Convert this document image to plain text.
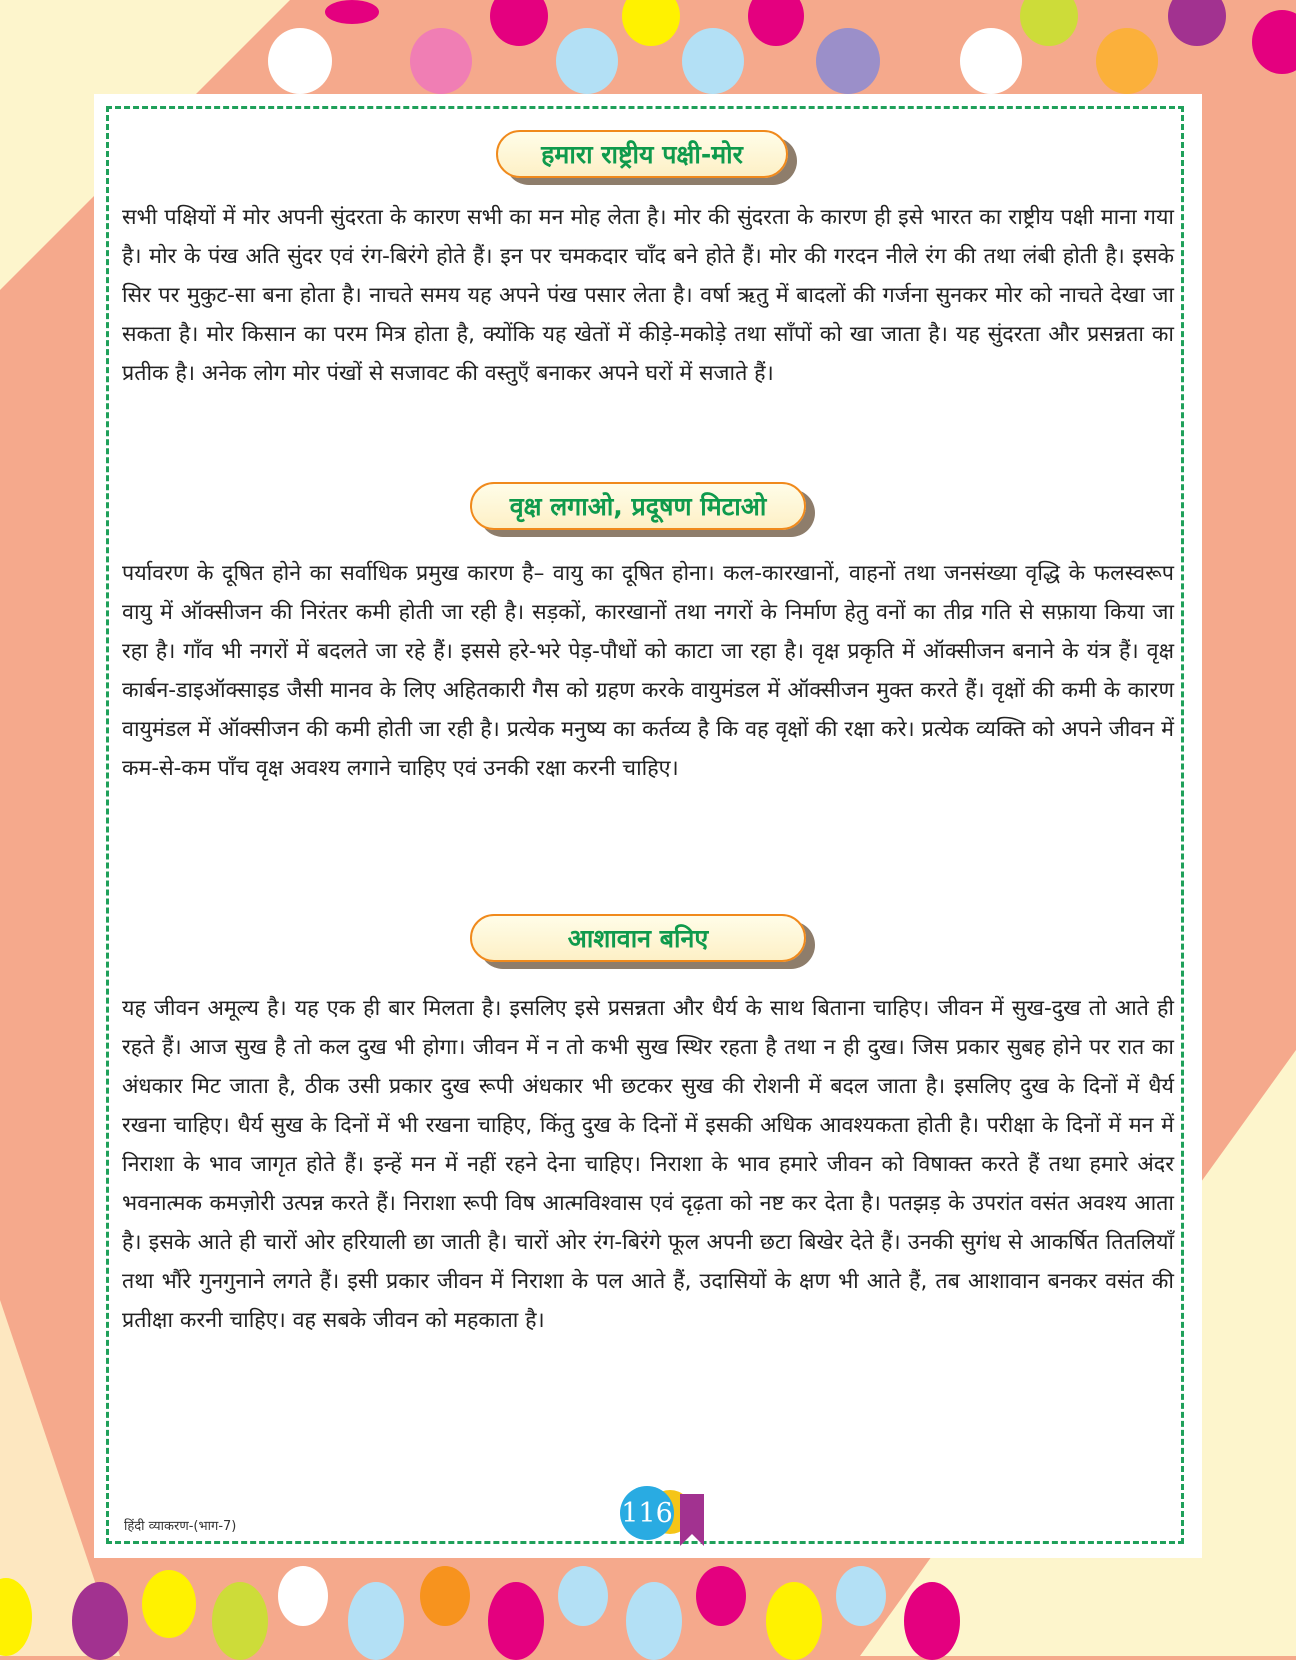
हमारा राष्ट्रीय पक्षी-मोर

सभी पक्षियों में मोर अपनी सुंदरता के कारण सभी का मन मोह लेता है। मोर की सुंदरता के कारण ही इसे भारत का राष्ट्रीय पक्षी माना गया है। मोर के पंख अति सुंदर एवं रंग-बिरंगे होते हैं। इन पर चमकदार चाँद बने होते हैं। मोर की गरदन नीले रंग की तथा लंबी होती है। इसके सिर पर मुकुट-सा बना होता है। नाचते समय यह अपने पंख पसार लेता है। वर्षा ऋतु में बादलों की गर्जना सुनकर मोर को नाचते देखा जा सकता है। मोर किसान का परम मित्र होता है, क्योंकि यह खेतों में कीड़े-मकोड़े तथा साँपों को खा जाता है। यह सुंदरता और प्रसन्नता का प्रतीक है। अनेक लोग मोर पंखों से सजावट की वस्तुएँ बनाकर अपने घरों में सजाते हैं।

वृक्ष लगाओ, प्रदूषण मिटाओ

पर्यावरण के दूषित होने का सर्वाधिक प्रमुख कारण है– वायु का दूषित होना। कल-कारखानों, वाहनों तथा जनसंख्या वृद्धि के फलस्वरूप वायु में ऑक्सीजन की निरंतर कमी होती जा रही है। सड़कों, कारखानों तथा नगरों के निर्माण हेतु वनों का तीव्र गति से सफ़ाया किया जा रहा है। गाँव भी नगरों में बदलते जा रहे हैं। इससे हरे-भरे पेड़-पौधों को काटा जा रहा है। वृक्ष प्रकृति में ऑक्सीजन बनाने के यंत्र हैं। वृक्ष कार्बन-डाइऑक्साइड जैसी मानव के लिए अहितकारी गैस को ग्रहण करके वायुमंडल में ऑक्सीजन मुक्त करते हैं। वृक्षों की कमी के कारण वायुमंडल में ऑक्सीजन की कमी होती जा रही है। प्रत्येक मनुष्य का कर्तव्य है कि वह वृक्षों की रक्षा करे। प्रत्येक व्यक्ति को अपने जीवन में कम-से-कम पाँच वृक्ष अवश्य लगाने चाहिए एवं उनकी रक्षा करनी चाहिए।

आशावान बनिए

यह जीवन अमूल्य है। यह एक ही बार मिलता है। इसलिए इसे प्रसन्नता और धैर्य के साथ बिताना चाहिए। जीवन में सुख-दुख तो आते ही रहते हैं। आज सुख है तो कल दुख भी होगा। जीवन में न तो कभी सुख स्थिर रहता है तथा न ही दुख। जिस प्रकार सुबह होने पर रात का अंधकार मिट जाता है, ठीक उसी प्रकार दुख रूपी अंधकार भी छटकर सुख की रोशनी में बदल जाता है। इसलिए दुख के दिनों में धैर्य रखना चाहिए। धैर्य सुख के दिनों में भी रखना चाहिए, किंतु दुख के दिनों में इसकी अधिक आवश्यकता होती है। परीक्षा के दिनों में मन में निराशा के भाव जागृत होते हैं। इन्हें मन में नहीं रहने देना चाहिए। निराशा के भाव हमारे जीवन को विषाक्त करते हैं तथा हमारे अंदर भवनात्मक कमज़ोरी उत्पन्न करते हैं। निराशा रूपी विष आत्मविश्वास एवं दृढ़ता को नष्ट कर देता है। पतझड़ के उपरांत वसंत अवश्य आता है। इसके आते ही चारों ओर हरियाली छा जाती है। चारों ओर रंग-बिरंगे फूल अपनी छटा बिखेर देते हैं। उनकी सुगंध से आकर्षित तितलियाँ तथा भौंरे गुनगुनाने लगते हैं। इसी प्रकार जीवन में निराशा के पल आते हैं, उदासियों के क्षण भी आते हैं, तब आशावान बनकर वसंत की प्रतीक्षा करनी चाहिए। वह सबके जीवन को महकाता है।

116
हिंदी व्याकरण-(भाग-7)
